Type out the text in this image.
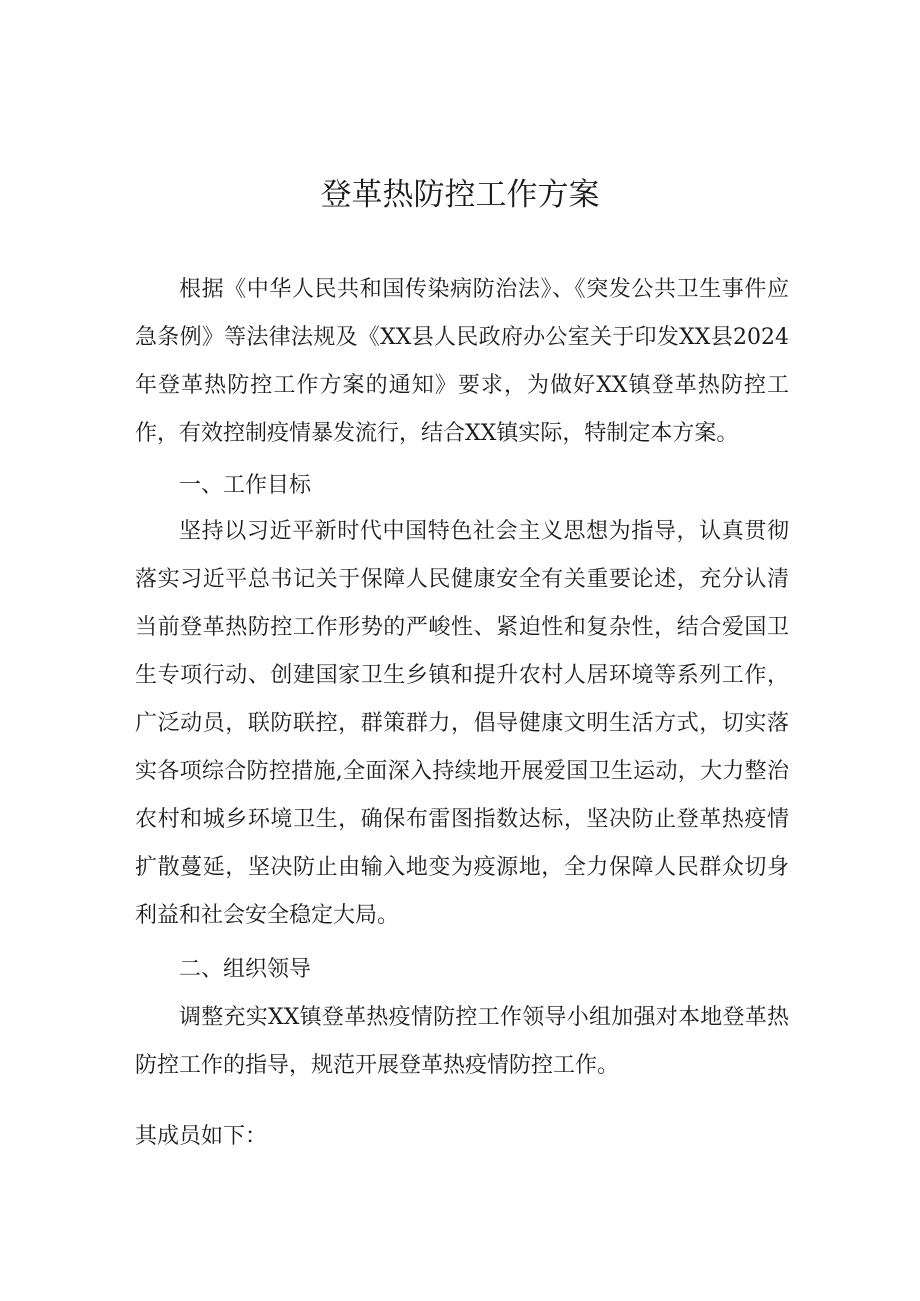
登革热防控工作方案

根据《中华人民共和国传染病防治法》、《突发公共卫生事件应急条例》等法律法规及《XX县人民政府办公室关于印发XX县2024年登革热防控工作方案的通知》要求，为做好XX镇登革热防控工作，有效控制疫情暴发流行，结合XX镇实际，特制定本方案。

一、工作目标

坚持以习近平新时代中国特色社会主义思想为指导，认真贯彻落实习近平总书记关于保障人民健康安全有关重要论述，充分认清当前登革热防控工作形势的严峻性、紧迫性和复杂性，结合爱国卫生专项行动、创建国家卫生乡镇和提升农村人居环境等系列工作，广泛动员，联防联控，群策群力，倡导健康文明生活方式，切实落实各项综合防控措施,全面深入持续地开展爱国卫生运动，大力整治农村和城乡环境卫生，确保布雷图指数达标，坚决防止登革热疫情扩散蔓延，坚决防止由输入地变为疫源地，全力保障人民群众切身利益和社会安全稳定大局。

二、组织领导

调整充实XX镇登革热疫情防控工作领导小组加强对本地登革热防控工作的指导，规范开展登革热疫情防控工作。

其成员如下：
